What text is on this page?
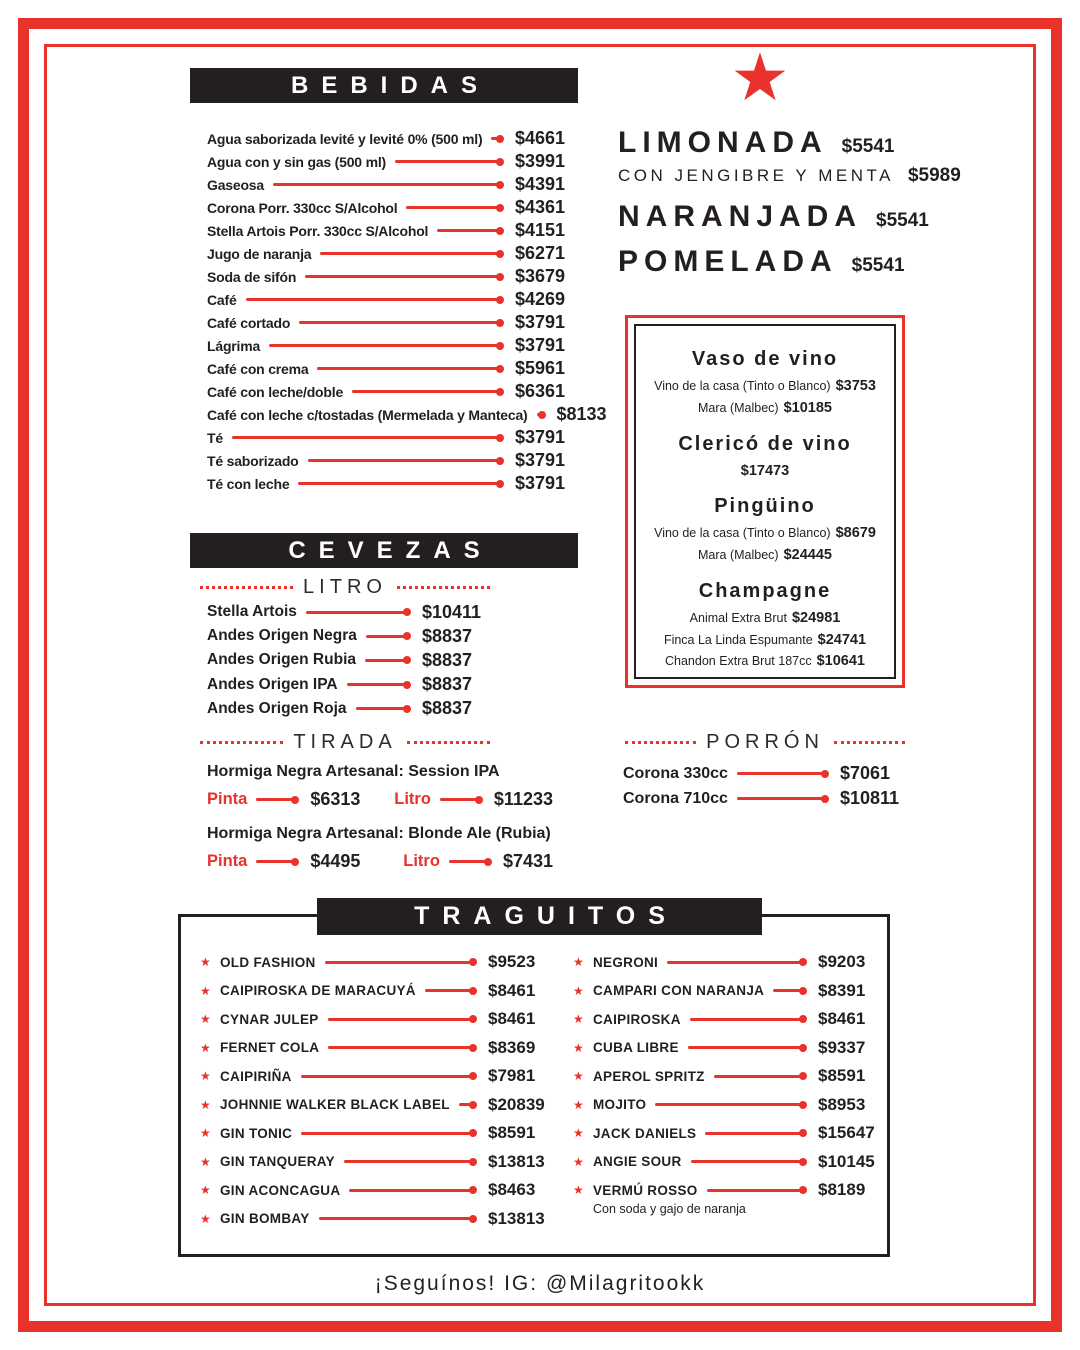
BEBIDAS
Agua saborizada levité y levité 0% (500 ml) $4661
Agua con y sin gas (500 ml)	$3991
Gaseosa	$4391
Corona Porr. 330cc S/Alcohol	$4361
Stella Artois Porr. 330cc S/Alcohol	$4151
Jugo de naranja	$6271
Soda de sifón	$3679
Café	$4269
Café cortado	$3791
Lágrima	$3791
Café con crema	$5961
Café con leche/doble	$6361
Café con leche c/tostadas (Mermelada y Manteca) $8133
Té	$3791
Té saborizado	$3791
Té con leche	$3791
★
LIMONADA $5541
CON JENGIBRE Y MENTA $5989
NARANJADA $5541
POMELADA $5541
Vaso de vino
Vino de la casa (Tinto o Blanco) $3753
Mara (Malbec) $10185
Clericó de vino
$17473
Pingüino
Vino de la casa (Tinto o Blanco) $8679
Mara (Malbec) $24445
Champagne
Animal Extra Brut $24981
Finca La Linda Espumante $24741
Chandon Extra Brut 187cc $10641
CEVEZAS
LITRO
Stella Artois	$10411
Andes Origen Negra	$8837
Andes Origen Rubia	$8837
Andes Origen IPA	$8837
Andes Origen Roja	$8837
TIRADA
Hormiga Negra Artesanal: Session IPA
Pinta	$6313 Litro	$11233
Hormiga Negra Artesanal: Blonde Ale (Rubia)
Pinta	$4495	Litro	$7431
PORRÓN
Corona 330cc	$7061
Corona 710cc	$10811
TRAGUITOS
★ OLD FASHION	$9523
★ CAIPIROSKA DE MARACUYÁ	$8461
★ CYNAR JULEP	$8461
★ FERNET COLA	$8369
★ CAIPIRIÑA	$7981
★ JOHNNIE WALKER BLACK LABEL $20839
★ GIN TONIC	$8591
★ GIN TANQUERAY	$13813
★ GIN ACONCAGUA	$8463
★ GIN BOMBAY	$13813
★ NEGRONI	$9203
★ CAMPARI CON NARANJA	$8391
★ CAIPIROSKA	$8461
★ CUBA LIBRE	$9337
★ APEROL SPRITZ	$8591
★ MOJITO	$8953
★ JACK DANIELS	$15647
★ ANGIE SOUR	$10145
★ VERMÚ ROSSO	$8189
Con soda y gajo de naranja
¡Seguínos! IG: @Milagritookk
